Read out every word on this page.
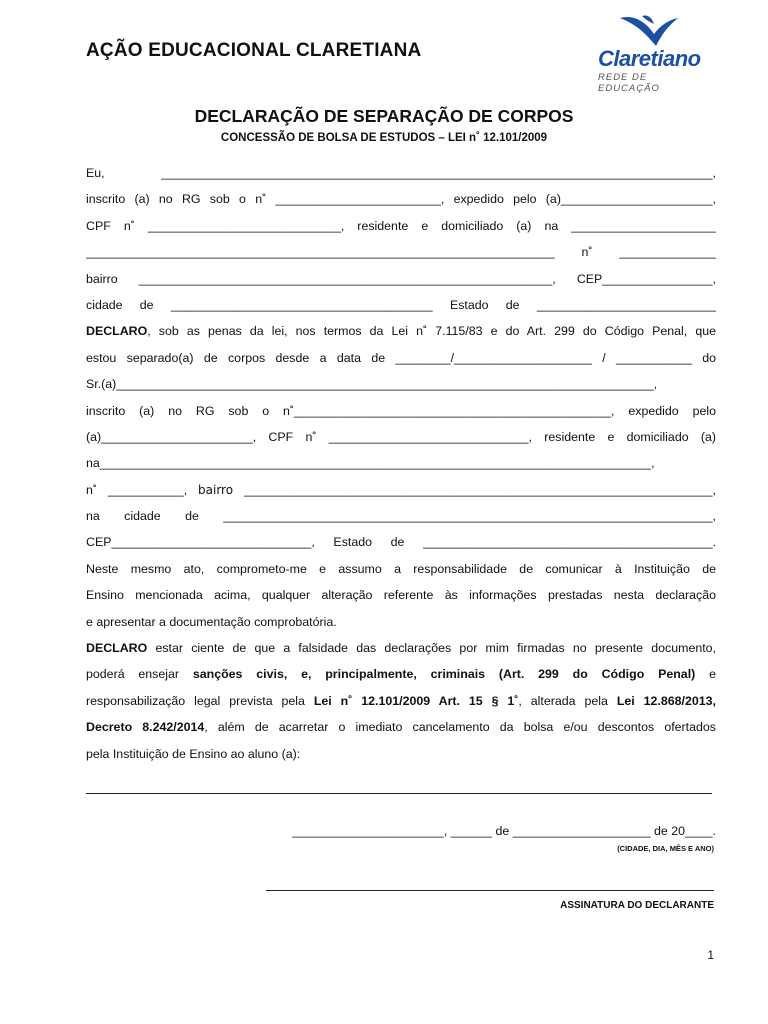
AÇÃO EDUCACIONAL CLARETIANA	Claretiano
REDE DE EDUCAÇÃO
DECLARAÇÃO DE SEPARAÇÃO DE CORPOS
CONCESSÃO DE BOLSA DE ESTUDOS – LEI n˚ 12.101/2009
Eu, ________________________________________________________________________________,
inscrito (a) no RG sob o n˚ ________________________, expedido pelo (a)______________________,
CPF n˚ ____________________________, residente e domiciliado (a) na _____________________
____________________________________________________________________ n˚ ______________
bairro ____________________________________________________________, CEP________________,
cidade de ______________________________________ Estado de __________________________
DECLARO, sob as penas da lei, nos termos da Lei n˚ 7.115/83 e do Art. 299 do Código Penal, que
estou separado(a) de corpos desde a data de ________/____________________ / ___________ do
Sr.(a)______________________________________________________________________________,
inscrito (a) no RG sob o n˚______________________________________________, expedido pelo
(a)______________________, CPF n˚ _____________________________, residente e domiciliado (a)
na________________________________________________________________________________,
n˚ ___________, bairro ____________________________________________________________________,
na cidade de _______________________________________________________________________,
CEP_____________________________, Estado de __________________________________________.
Neste mesmo ato, comprometo-me e assumo a responsabilidade de comunicar à Instituição de
Ensino mencionada acima, qualquer alteração referente às informações prestadas nesta declaração
e apresentar a documentação comprobatória.
DECLARO estar ciente de que a falsidade das declarações por mim firmadas no presente documento,
poderá ensejar sanções civis, e, principalmente, criminais (Art. 299 do Código Penal) e
responsabilização legal prevista pela Lei n˚ 12.101/2009 Art. 15 § 1˚, alterada pela Lei 12.868/2013,
Decreto 8.242/2014, além de acarretar o imediato cancelamento da bolsa e/ou descontos ofertados
pela Instituição de Ensino ao aluno (a):
______________________, ______ de ____________________ de 20____.
(CIDADE, DIA, MÊS E ANO)
ASSINATURA DO DECLARANTE
1
